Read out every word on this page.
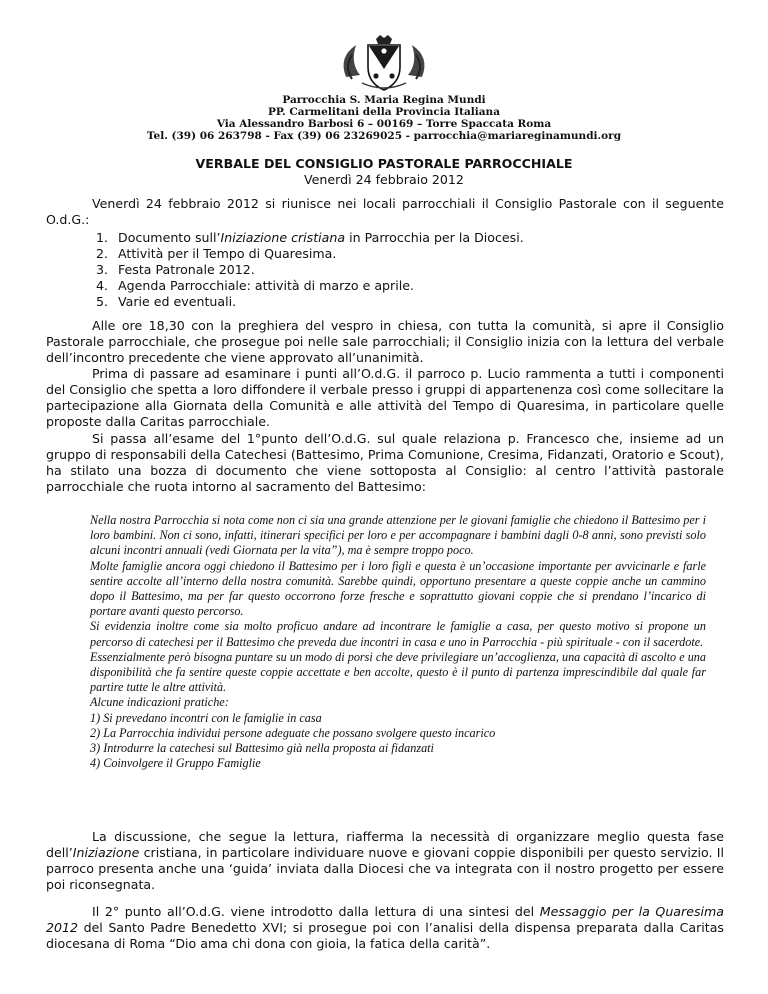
Parrocchia S. Maria Regina Mundi
PP. Carmelitani della Provincia Italiana
Via Alessandro Barbosi 6 – 00169 – Torre Spaccata Roma
Tel. (39) 06 263798 - Fax (39) 06 23269025 - parrocchia@mariareginamundi.org
VERBALE DEL CONSIGLIO PASTORALE PARROCCHIALE
Venerdì 24 febbraio 2012

Venerdì 24 febbraio 2012 si riunisce nei locali parrocchiali il Consiglio Pastorale con il seguente O.d.G.:

1. Documento sull’Iniziazione cristiana in Parrocchia per la Diocesi.
2. Attività per il Tempo di Quaresima.
3. Festa Patronale 2012.
4. Agenda Parrocchiale: attività di marzo e aprile.
5. Varie ed eventuali.

Alle ore 18,30 con la preghiera del vespro in chiesa, con tutta la comunità, si apre il Consiglio Pastorale parrocchiale, che prosegue poi nelle sale parrocchiali; il Consiglio inizia con la lettura del verbale dell’incontro precedente che viene approvato all’unanimità.

Prima di passare ad esaminare i punti all’O.d.G. il parroco p. Lucio rammenta a tutti i componenti del Consiglio che spetta a loro diffondere il verbale presso i gruppi di appartenenza così come sollecitare la partecipazione alla Giornata della Comunità e alle attività del Tempo di Quaresima, in particolare quelle proposte dalla Caritas parrocchiale.

Si passa all’esame del 1°punto dell’O.d.G. sul quale relaziona p. Francesco che, insieme ad un gruppo di responsabili della Catechesi (Battesimo, Prima Comunione, Cresima, Fidanzati, Oratorio e Scout), ha stilato una bozza di documento che viene sottoposta al Consiglio: al centro l’attività pastorale parrocchiale che ruota intorno al sacramento del Battesimo:

Nella nostra Parrocchia si nota come non ci sia una grande attenzione per le giovani famiglie che chiedono il Battesimo per i loro bambini. Non ci sono, infatti, itinerari specifici per loro e per accompagnare i bambini dagli 0-8 anni, sono previsti solo alcuni incontri annuali (vedi Giornata per la vita”), ma è sempre troppo poco.

Molte famiglie ancora oggi chiedono il Battesimo per i loro figli e questa è un’occasione importante per avvicinarle e farle sentire accolte all’interno della nostra comunità. Sarebbe quindi, opportuno presentare a queste coppie anche un cammino dopo il Battesimo, ma per far questo occorrono forze fresche e soprattutto giovani coppie che si prendano l’incarico di portare avanti questo percorso.

Si evidenzia inoltre come sia molto proficuo andare ad incontrare le famiglie a casa, per questo motivo si propone un percorso di catechesi per il Battesimo che preveda due incontri in casa e uno in Parrocchia - più spirituale - con il sacerdote.

Essenzialmente però bisogna puntare su un modo di porsi che deve privilegiare un’accoglienza, una capacità di ascolto e una disponibilità che fa sentire queste coppie accettate e ben accolte, questo è il punto di partenza imprescindibile dal quale far partire tutte le altre attività.

Alcune indicazioni pratiche:

1) Si prevedano incontri con le famiglie in casa

2) La Parrocchia individui persone adeguate che possano svolgere questo incarico

3) Introdurre la catechesi sul Battesimo già nella proposta ai fidanzati

4) Coinvolgere il Gruppo Famiglie

La discussione, che segue la lettura, riafferma la necessità di organizzare meglio questa fase dell’Iniziazione cristiana, in particolare individuare nuove e giovani coppie disponibili per questo servizio. Il parroco presenta anche una ‘guida’ inviata dalla Diocesi che va integrata con il nostro progetto per essere poi riconsegnata.

Il 2° punto all’O.d.G. viene introdotto dalla lettura di una sintesi del Messaggio per la Quaresima 2012 del Santo Padre Benedetto XVI; si prosegue poi con l’analisi della dispensa preparata dalla Caritas diocesana di Roma “Dio ama chi dona con gioia, la fatica della carità”.
